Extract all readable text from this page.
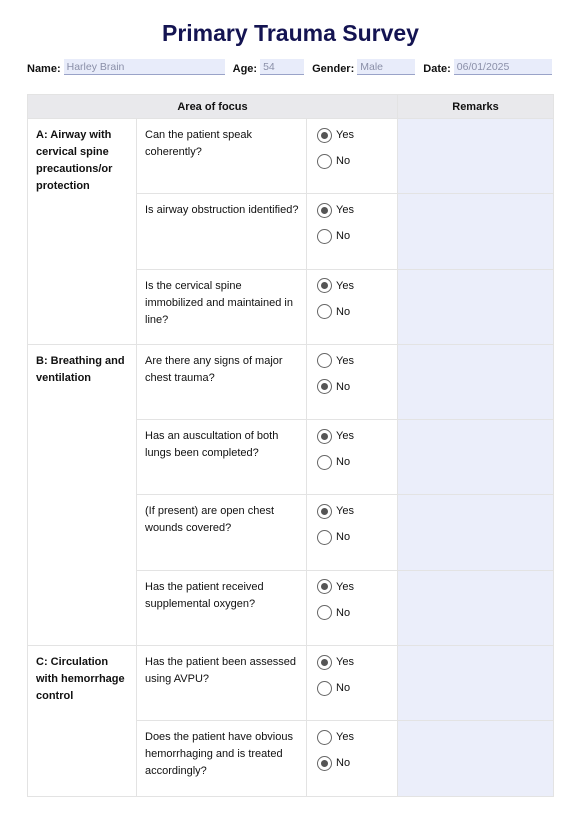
Primary Trauma Survey
Name: Harley Brain	Age: 54	Gender: Male	Date: 06/01/2025
Area of focus			Remarks
A: Airway with cervical spine precautions/or protection	Can the patient speak coherently?	Yes
No	

	Is airway obstruction identified?	Yes
No	

	Is the cervical spine immobilized and maintained in line?	Yes
No	

B: Breathing and ventilation	Are there any signs of major chest trauma?	Yes
No	

	Has an auscultation of both lungs been completed?	Yes
No	

	(If present) are open chest wounds covered?	Yes
No	

	Has the patient received supplemental oxygen?	Yes
No	

C: Circulation with hemorrhage control	Has the patient been assessed using AVPU?	Yes
No	

	Does the patient have obvious hemorrhaging and is treated accordingly?	Yes
No	
